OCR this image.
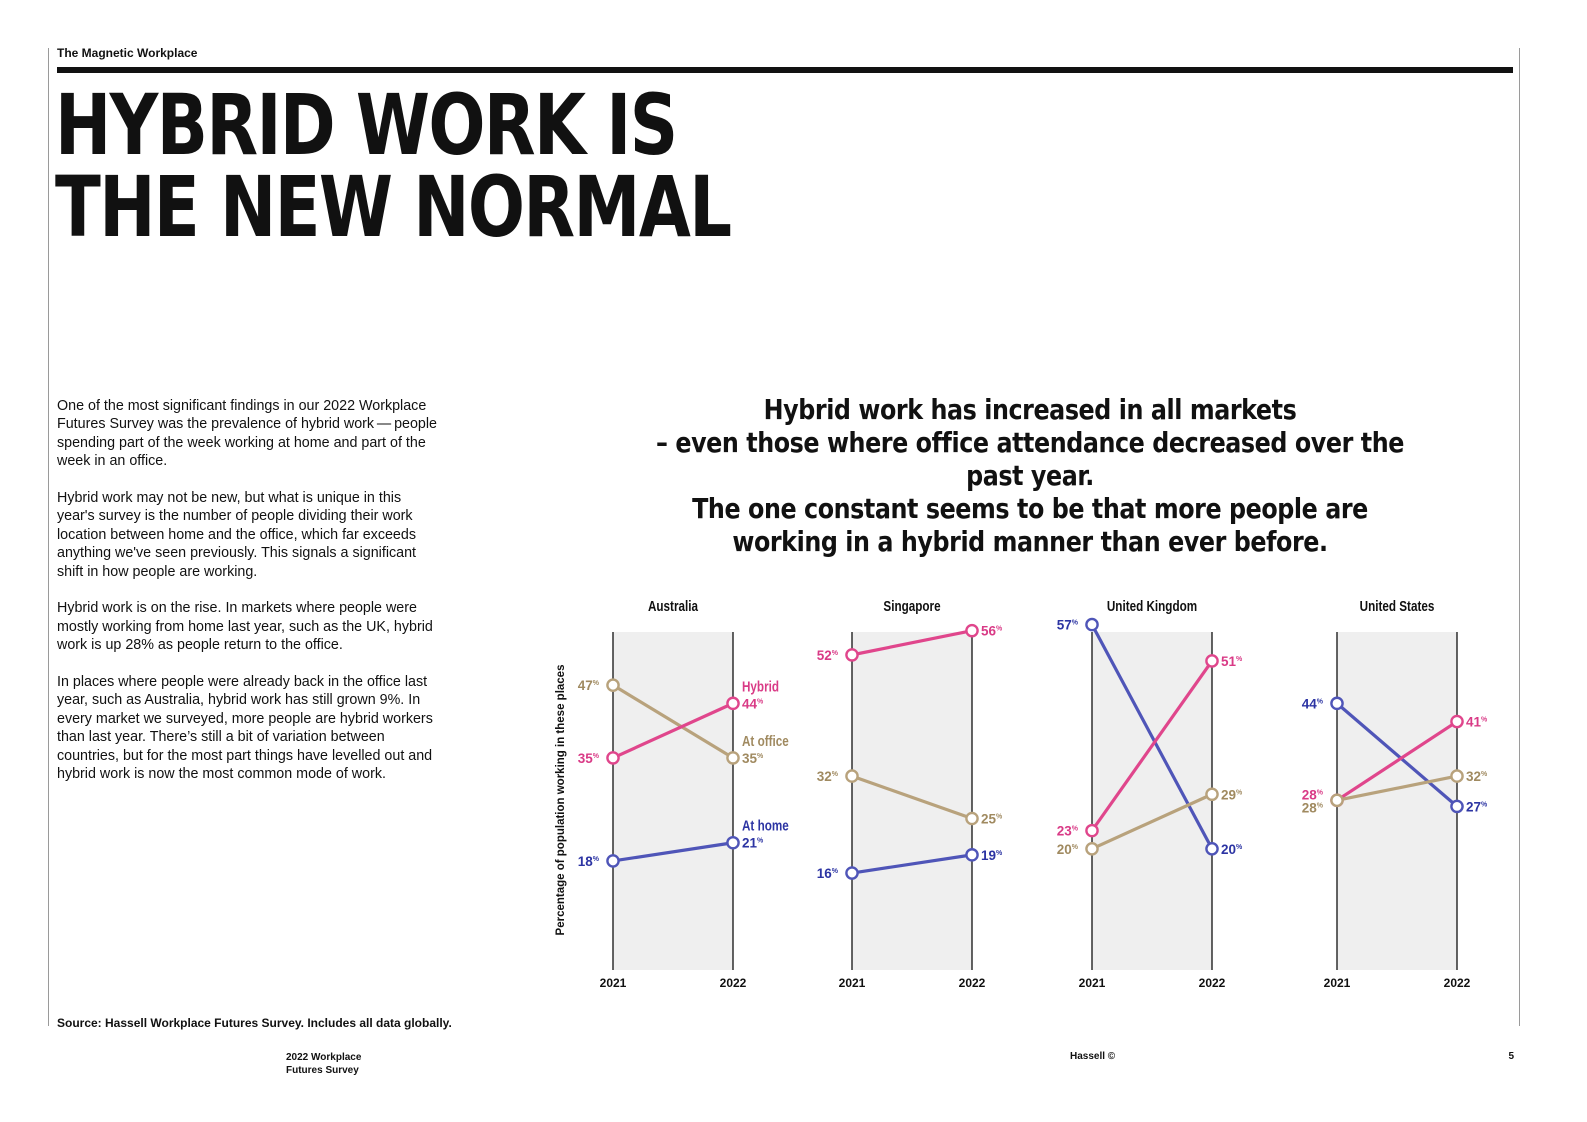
The Magnetic Workplace
HYBRID WORK IS
THE NEW NORMAL

One of the most significant findings in our 2022 Workplace Futures Survey was the prevalence of hybrid work — people spending part of the week working at home and part of the week in an office.

Hybrid work may not be new, but what is unique in this year's survey is the number of people dividing their work location between home and the office, which far exceeds anything we've seen previously. This signals a significant shift in how people are working.

Hybrid work is on the rise. In markets where people were mostly working from home last year, such as the UK, hybrid work is up 28% as people return to the office.

In places where people were already back in the office last year, such as Australia, hybrid work has still grown 9%. In every market we surveyed, more people are hybrid workers than last year. There’s still a bit of variation between countries, but for the most part things have levelled out and hybrid work is now the most common mode of work.

Hybrid work has increased in all markets
– even those where office attendance decreased over the past year.
The one constant seems to be that more people are
working in a hybrid manner than ever before.
Percentage of population working in these places
Australia
2021	2022
47%
35%
At office
35%
44%
Hybrid
18%
21%
At home
Singapore
2021	2022
52%
56%
32%
25%
16%
19%
United Kingdom
2021	2022
57%
20%
23%
51%
20%
29%
United States
2021	2022
44%
27%
28%
41%
28%
32%
Source: Hassell Workplace Futures Survey. Includes all data globally.
2022 Workplace Futures Survey
Hassell ©	5
